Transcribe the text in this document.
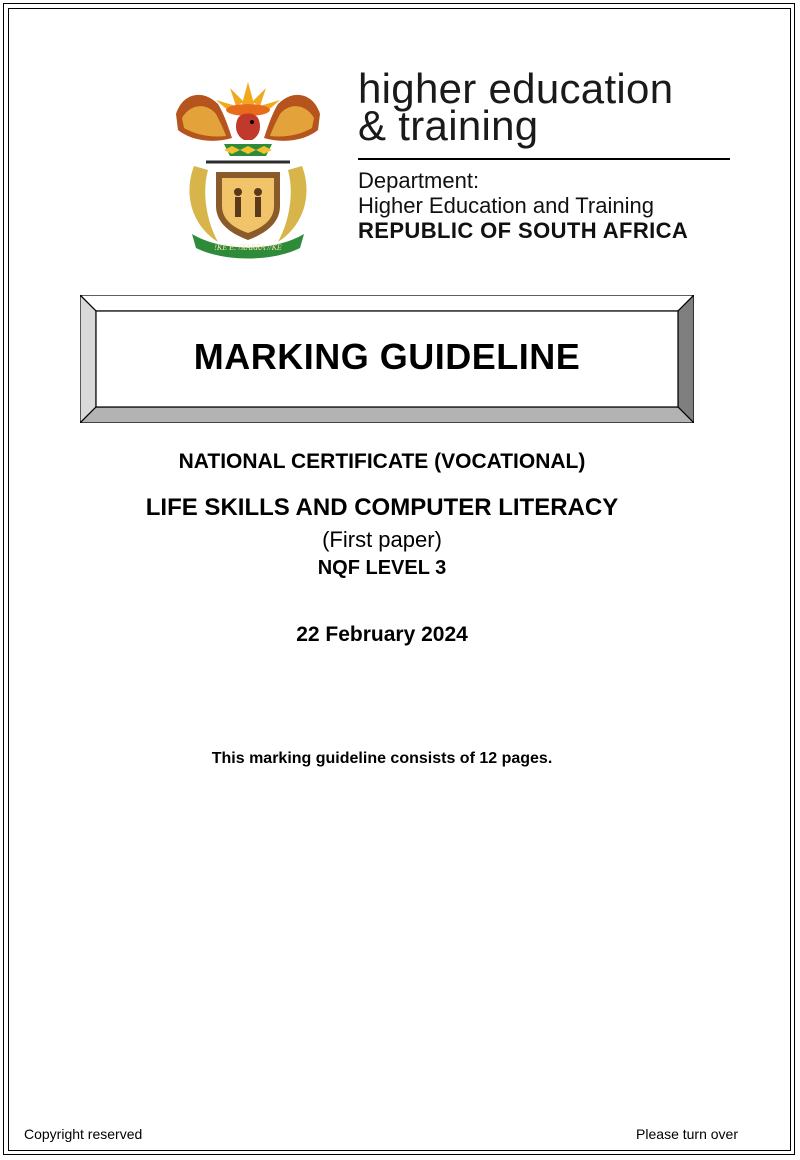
!KE E: /XARRA //KE
higher education
& training
Department:
Higher Education and Training
REPUBLIC OF SOUTH AFRICA
MARKING GUIDELINE
NATIONAL CERTIFICATE (VOCATIONAL)
LIFE SKILLS AND COMPUTER LITERACY
(First paper)
NQF LEVEL 3
22 February 2024
This marking guideline consists of 12 pages.
Copyright reserved	Please turn over
